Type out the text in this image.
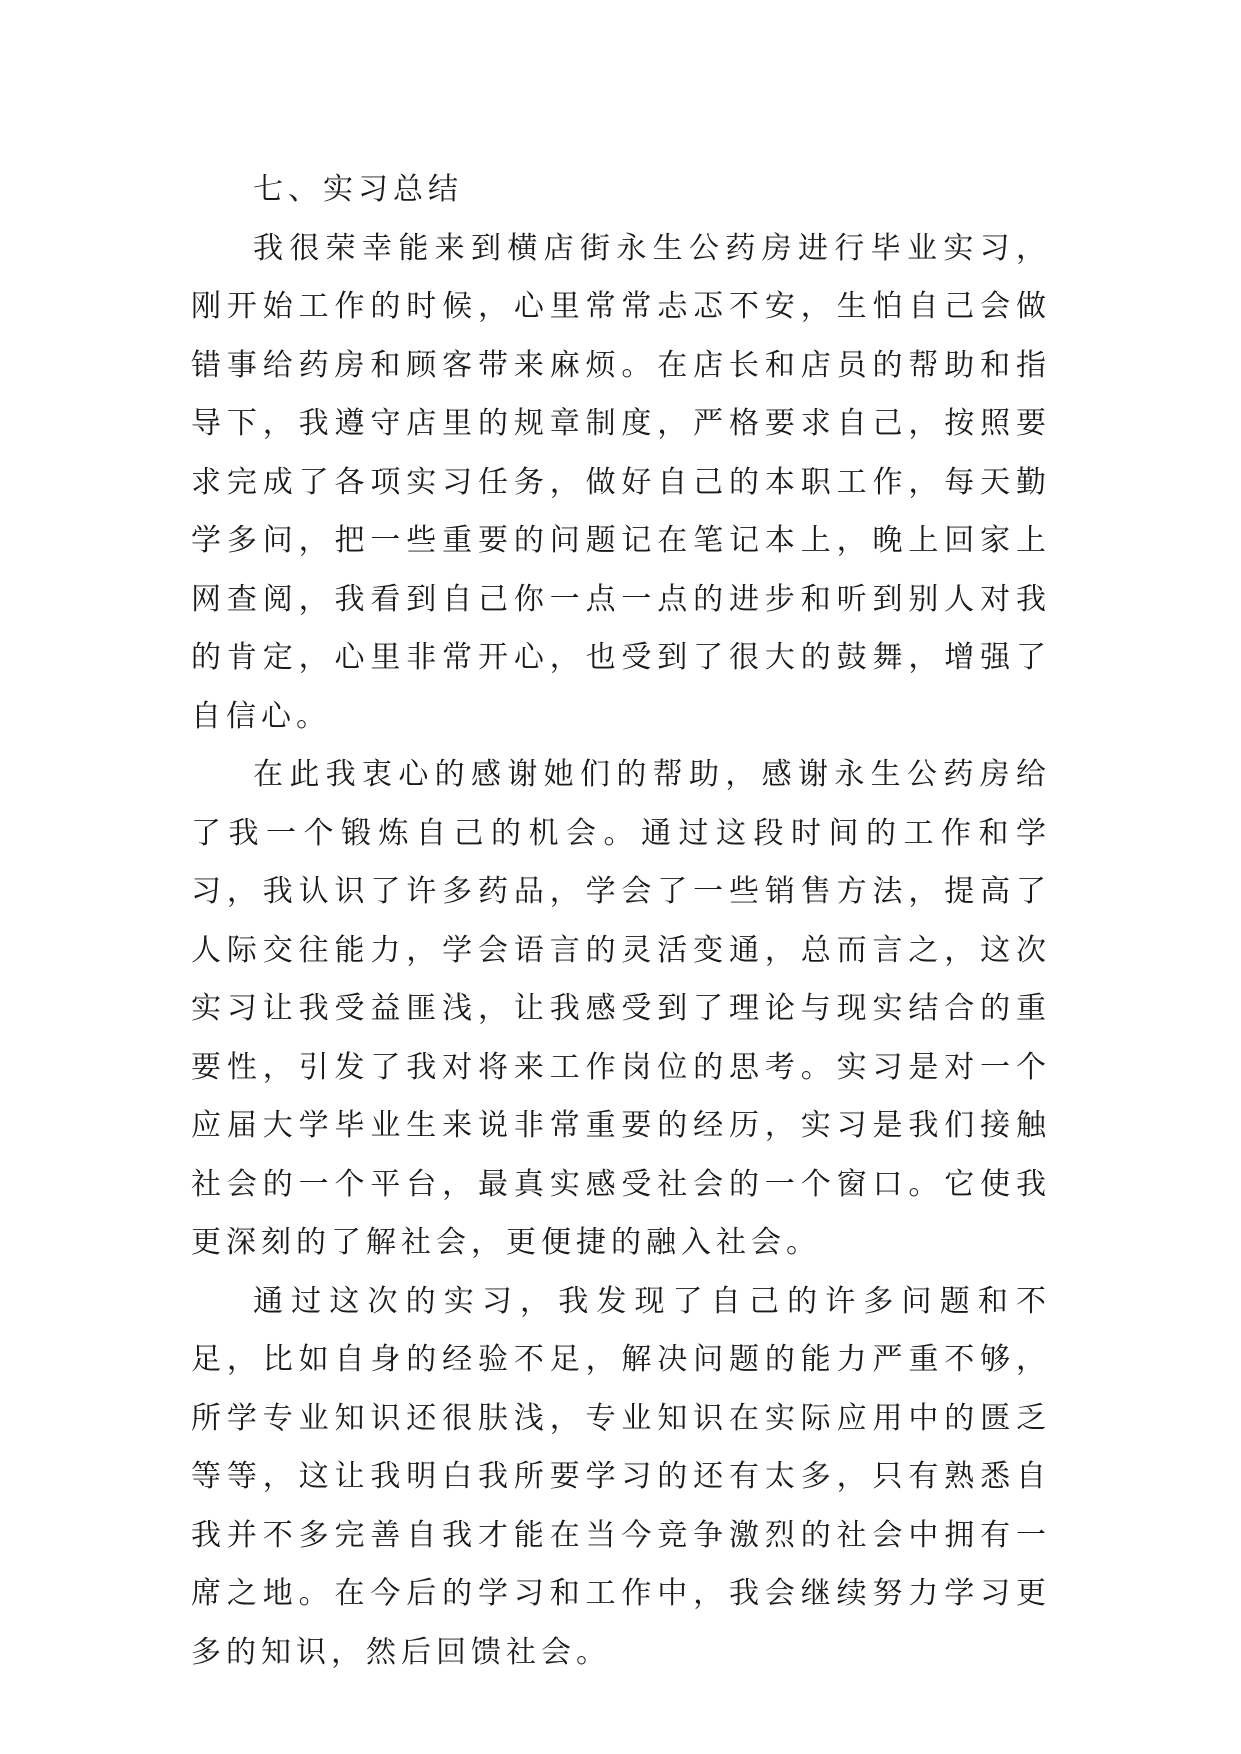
七、实习总结

我很荣幸能来到横店街永生公药房进行毕业实习，刚开始工作的时候，心里常常忐忑不安，生怕自己会做错事给药房和顾客带来麻烦。在店长和店员的帮助和指导下，我遵守店里的规章制度，严格要求自己，按照要求完成了各项实习任务，做好自己的本职工作，每天勤学多问，把一些重要的问题记在笔记本上，晚上回家上网查阅，我看到自己你一点一点的进步和听到别人对我的肯定，心里非常开心，也受到了很大的鼓舞，增强了自信心。

在此我衷心的感谢她们的帮助，感谢永生公药房给了我一个锻炼自己的机会。通过这段时间的工作和学习，我认识了许多药品，学会了一些销售方法，提高了人际交往能力，学会语言的灵活变通，总而言之，这次实习让我受益匪浅，让我感受到了理论与现实结合的重要性，引发了我对将来工作岗位的思考。实习是对一个应届大学毕业生来说非常重要的经历，实习是我们接触社会的一个平台，最真实感受社会的一个窗口。它使我更深刻的了解社会，更便捷的融入社会。

通过这次的实习，我发现了自己的许多问题和不足，比如自身的经验不足，解决问题的能力严重不够，所学专业知识还很肤浅，专业知识在实际应用中的匮乏等等，这让我明白我所要学习的还有太多，只有熟悉自我并不多完善自我才能在当今竞争激烈的社会中拥有一席之地。在今后的学习和工作中，我会继续努力学习更多的知识，然后回馈社会。
